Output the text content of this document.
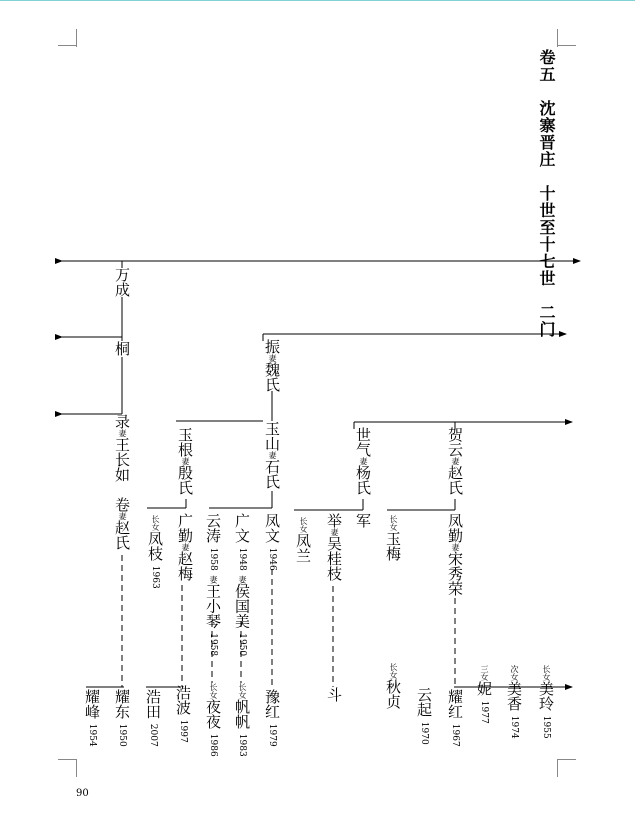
卷五　沈寨晋庄　十世至十七世　二门
万成
桐
录妻王长如　卷妻赵氏
振妻魏氏
玉山妻石氏
玉根妻殷氏
世气妻杨氏
贺云妻赵氏
长女凤枝 1963
广勤妻赵梅
云涛 1958 妻王小琴 1958
广文 1948 妻侯国美 1950
凤文 1946
长女凤兰
举妻吴桂枝
军	长女玉梅
凤勤妻宋秀荣
耀峰 1954
耀东 1950
浩田 2007
浩波 1997
长女夜夜 1986
长女帆帆 1983
豫红 1979
斗
长女秋贞 云起 1970
耀红 1967
三女妮 1977
次女美香 1974
长女美玲 1955
90
